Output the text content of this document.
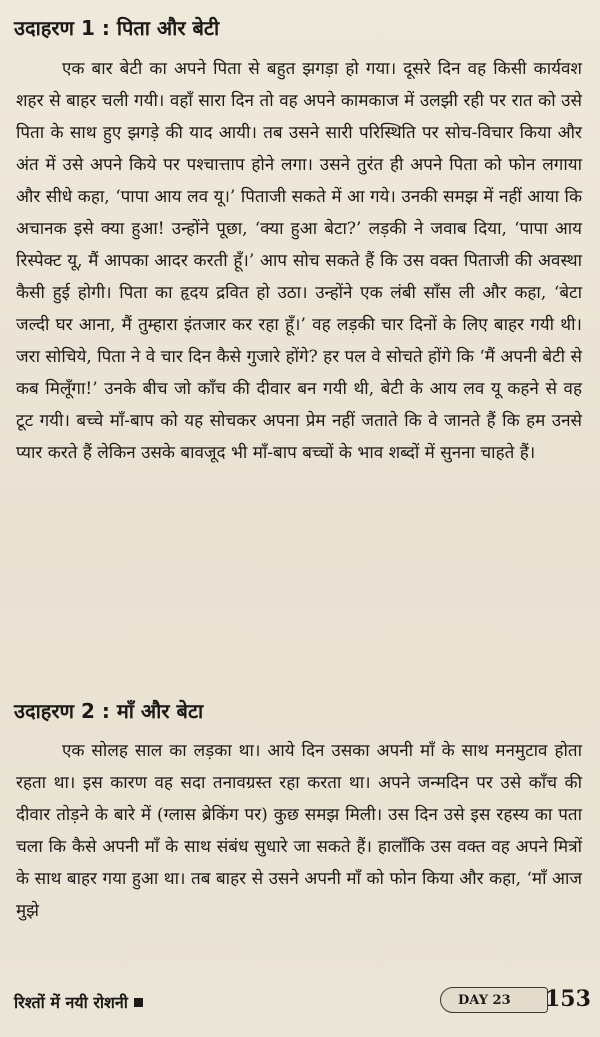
उदाहरण 1 : पिता और बेटी

एक बार बेटी का अपने पिता से बहुत झगड़ा हो गया। दूसरे दिन वह किसी कार्यवश शहर से बाहर चली गयी। वहाँ सारा दिन तो वह अपने कामकाज में उलझी रही पर रात को उसे पिता के साथ हुए झगड़े की याद आयी। तब उसने सारी परिस्थिति पर सोच-विचार किया और अंत में उसे अपने किये पर पश्चात्ताप होने लगा। उसने तुरंत ही अपने पिता को फोन लगाया और सीधे कहा, ‘पापा आय लव यू।’ पिताजी सकते में आ गये। उनकी समझ में नहीं आया कि अचानक इसे क्या हुआ! उन्होंने पूछा, ‘क्या हुआ बेटा?’ लड़की ने जवाब दिया, ‘पापा आय रिस्पेक्ट यू, मैं आपका आदर करती हूँ।’ आप सोच सकते हैं कि उस वक्त पिताजी की अवस्था कैसी हुई होगी। पिता का हृदय द्रवित हो उठा। उन्होंने एक लंबी साँस ली और कहा, ‘बेटा जल्दी घर आना, मैं तुम्हारा इंतजार कर रहा हूँ।’ वह लड़की चार दिनों के लिए बाहर गयी थी। जरा सोचिये, पिता ने वे चार दिन कैसे गुजारे होंगे? हर पल वे सोचते होंगे कि ‘मैं अपनी बेटी से कब मिलूँगा!’ उनके बीच जो काँच की दीवार बन गयी थी, बेटी के आय लव यू कहने से वह टूट गयी। बच्चे माँ-बाप को यह सोचकर अपना प्रेम नहीं जताते कि वे जानते हैं कि हम उनसे प्यार करते हैं लेकिन उसके बावजूद भी माँ-बाप बच्चों के भाव शब्दों में सुनना चाहते हैं।

उदाहरण 2 : माँ और बेटा

एक सोलह साल का लड़का था। आये दिन उसका अपनी माँ के साथ मनमुटाव होता रहता था। इस कारण वह सदा तनावग्रस्त रहा करता था। अपने जन्मदिन पर उसे काँच की दीवार तोड़ने के बारे में (ग्लास ब्रेकिंग पर) कुछ समझ मिली। उस दिन उसे इस रहस्य का पता चला कि कैसे अपनी माँ के साथ संबंध सुधारे जा सकते हैं। हालाँकि उस वक्त वह अपने मित्रों के साथ बाहर गया हुआ था। तब बाहर से उसने अपनी माँ को फोन किया और कहा, ‘माँ आज मुझे

रिश्तों में नयी रोशनी	DAY 23 153
